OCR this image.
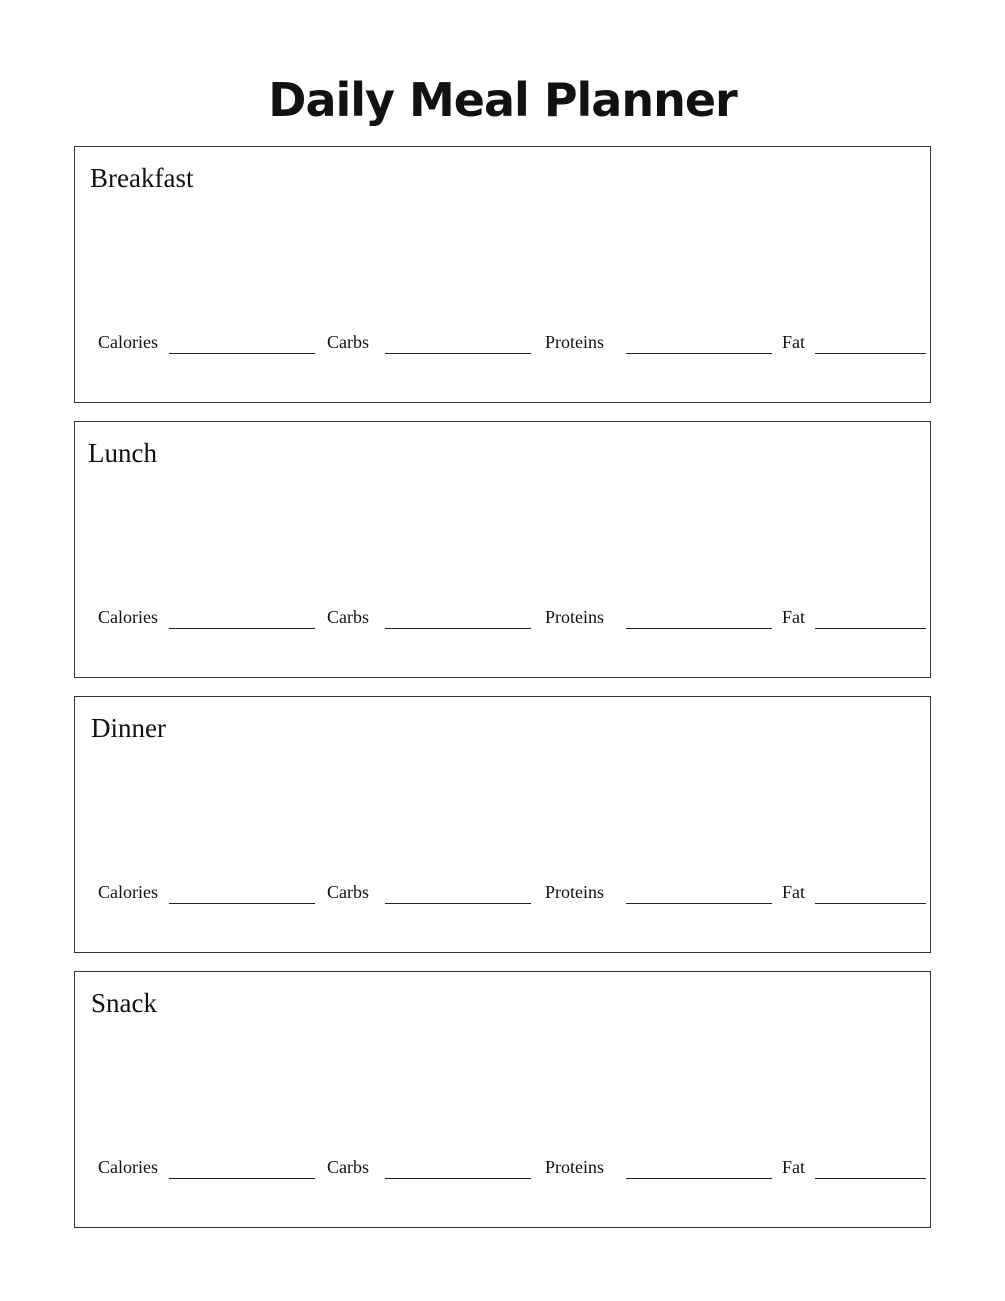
Daily Meal Planner
Breakfast
Calories	Carbs	Proteins	Fat
Lunch
Calories	Carbs	Proteins	Fat
Dinner
Calories	Carbs	Proteins	Fat
Snack
Calories	Carbs	Proteins	Fat
